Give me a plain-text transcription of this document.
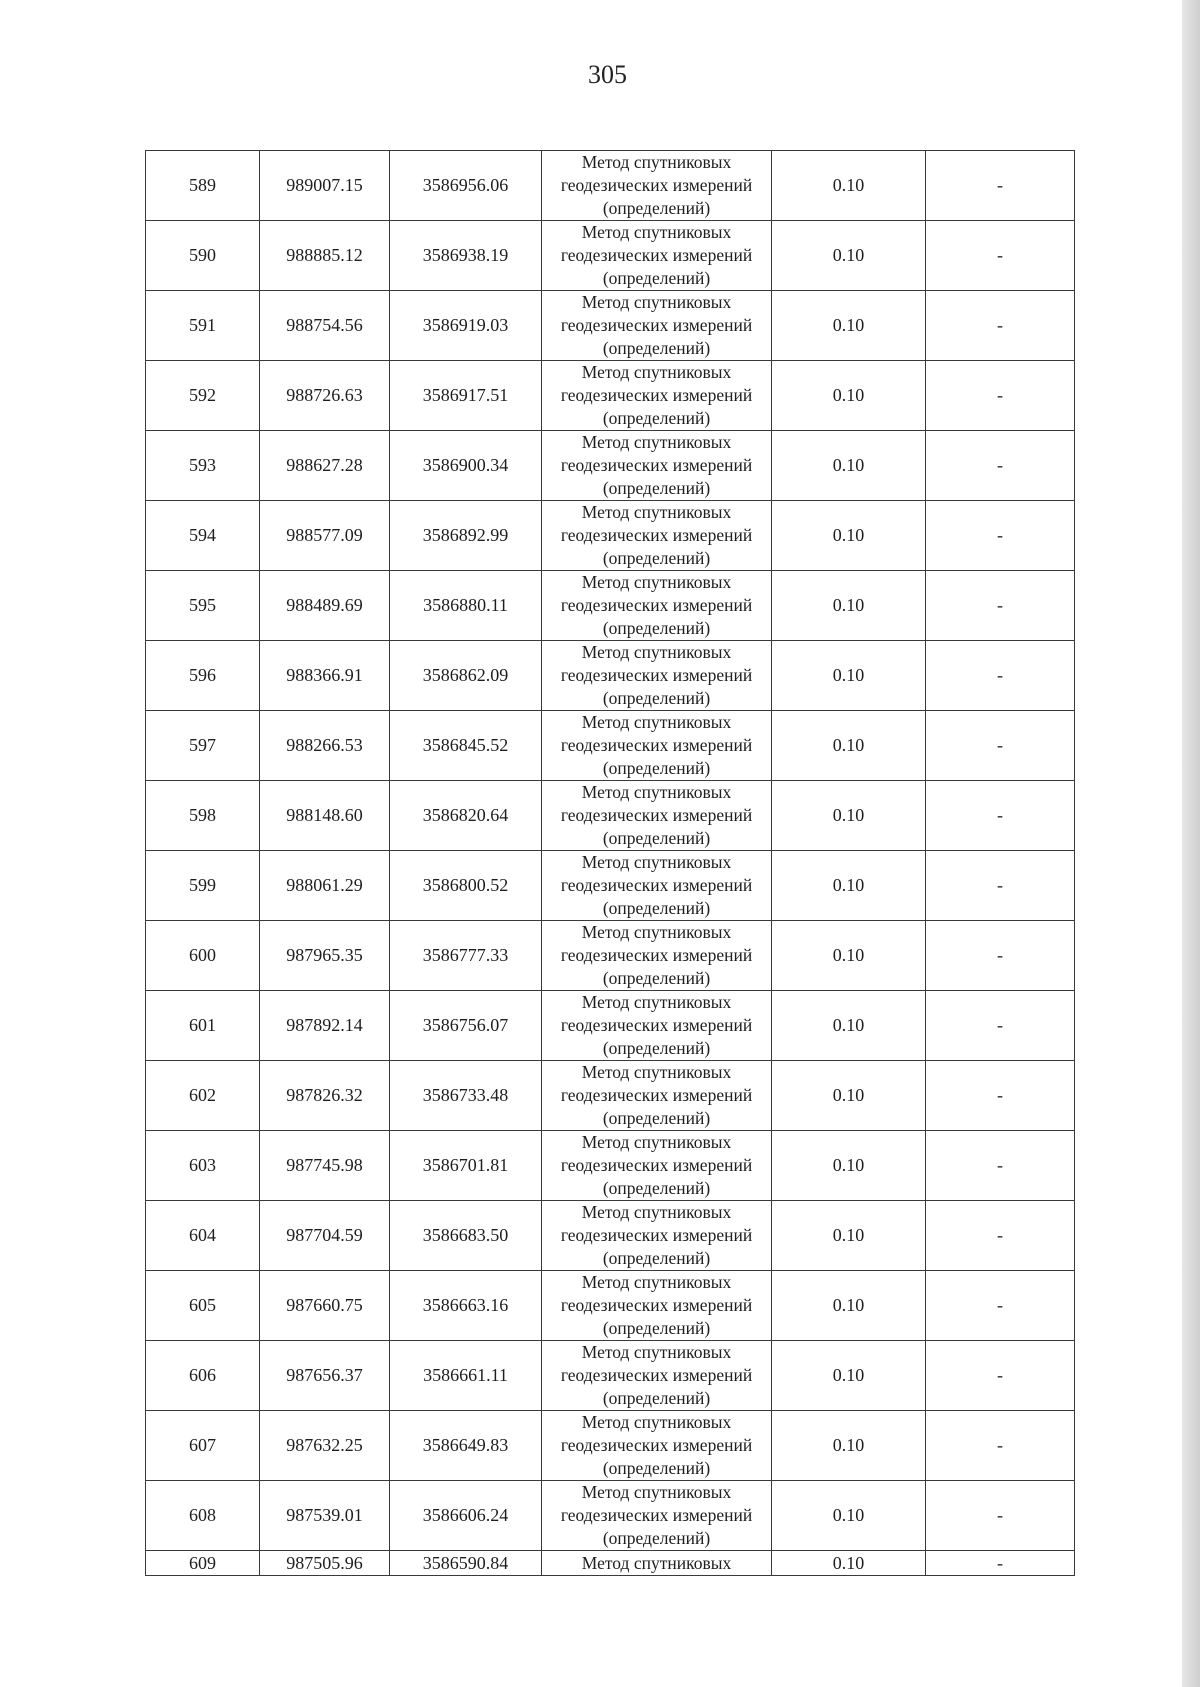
305
589	989007.15	3586956.06	Метод спутниковых
геодезических измерений
(определений)	0.10	-
590	988885.12	3586938.19	Метод спутниковых
геодезических измерений
(определений)	0.10	-
591	988754.56	3586919.03	Метод спутниковых
геодезических измерений
(определений)	0.10	-
592	988726.63	3586917.51	Метод спутниковых
геодезических измерений
(определений)	0.10	-
593	988627.28	3586900.34	Метод спутниковых
геодезических измерений
(определений)	0.10	-
594	988577.09	3586892.99	Метод спутниковых
геодезических измерений
(определений)	0.10	-
595	988489.69	3586880.11	Метод спутниковых
геодезических измерений
(определений)	0.10	-
596	988366.91	3586862.09	Метод спутниковых
геодезических измерений
(определений)	0.10	-
597	988266.53	3586845.52	Метод спутниковых
геодезических измерений
(определений)	0.10	-
598	988148.60	3586820.64	Метод спутниковых
геодезических измерений
(определений)	0.10	-
599	988061.29	3586800.52	Метод спутниковых
геодезических измерений
(определений)	0.10	-
600	987965.35	3586777.33	Метод спутниковых
геодезических измерений
(определений)	0.10	-
601	987892.14	3586756.07	Метод спутниковых
геодезических измерений
(определений)	0.10	-
602	987826.32	3586733.48	Метод спутниковых
геодезических измерений
(определений)	0.10	-
603	987745.98	3586701.81	Метод спутниковых
геодезических измерений
(определений)	0.10	-
604	987704.59	3586683.50	Метод спутниковых
геодезических измерений
(определений)	0.10	-
605	987660.75	3586663.16	Метод спутниковых
геодезических измерений
(определений)	0.10	-
606	987656.37	3586661.11	Метод спутниковых
геодезических измерений
(определений)	0.10	-
607	987632.25	3586649.83	Метод спутниковых
геодезических измерений
(определений)	0.10	-
608	987539.01	3586606.24	Метод спутниковых
геодезических измерений
(определений)	0.10	-
609	987505.96	3586590.84	Метод спутниковых	0.10	-
